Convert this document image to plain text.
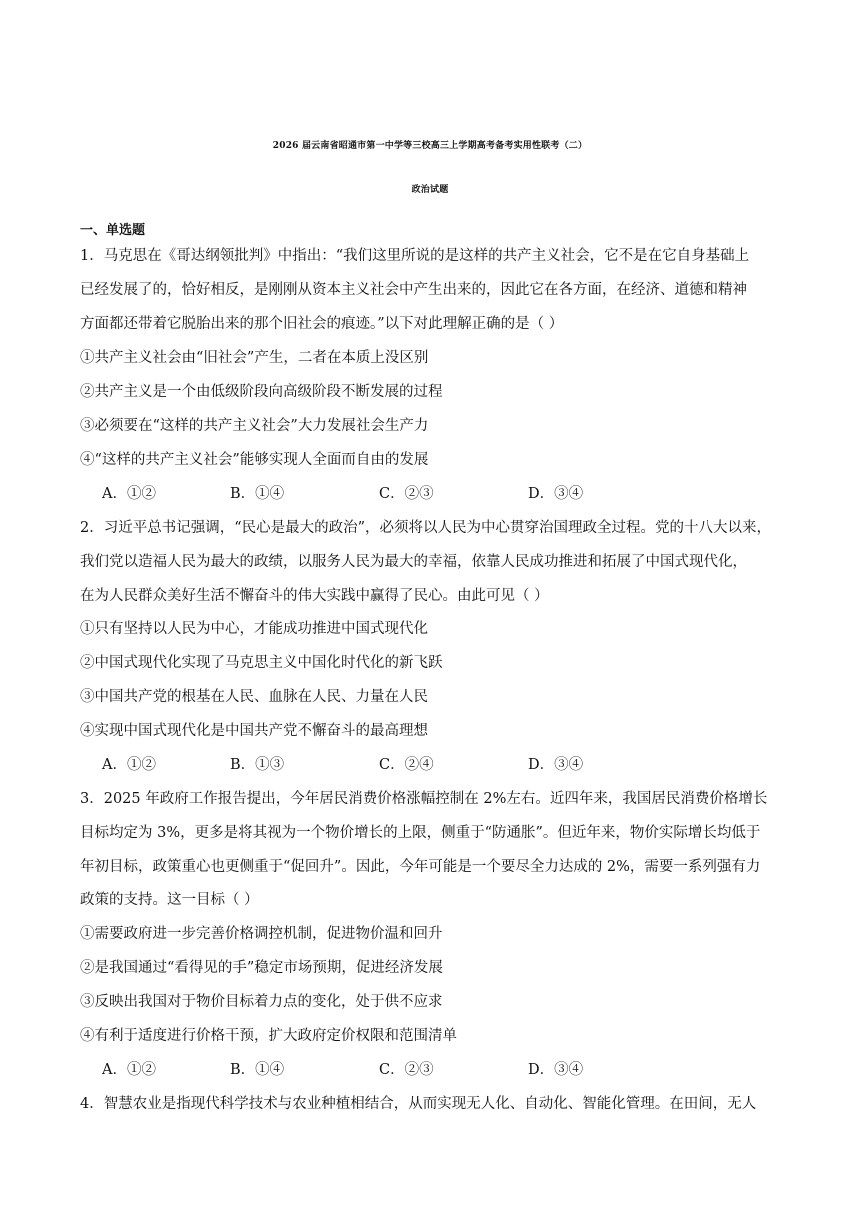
2026 届云南省昭通市第一中学等三校高三上学期高考备考实用性联考（二）
政治试题
一、单选题
1．马克思在《哥达纲领批判》中指出：“我们这里所说的是这样的共产主义社会，它不是在它自身基础上
已经发展了的，恰好相反，是刚刚从资本主义社会中产生出来的，因此它在各方面，在经济、道德和精神
方面都还带着它脱胎出来的那个旧社会的痕迹。”以下对此理解正确的是（ ）
①共产主义社会由“旧社会”产生，二者在本质上没区别
②共产主义是一个由低级阶段向高级阶段不断发展的过程
③必须要在“这样的共产主义社会”大力发展社会生产力
④“这样的共产主义社会”能够实现人全面而自由的发展
A．①②	B．①④	C．②③	D．③④
2．习近平总书记强调，“民心是最大的政治”，必须将以人民为中心贯穿治国理政全过程。党的十八大以来，
我们党以造福人民为最大的政绩，以服务人民为最大的幸福，依靠人民成功推进和拓展了中国式现代化，
在为人民群众美好生活不懈奋斗的伟大实践中赢得了民心。由此可见（ ）
①只有坚持以人民为中心，才能成功推进中国式现代化
②中国式现代化实现了马克思主义中国化时代化的新飞跃
③中国共产党的根基在人民、血脉在人民、力量在人民
④实现中国式现代化是中国共产党不懈奋斗的最高理想
A．①②	B．①③	C．②④	D．③④
3．2025 年政府工作报告提出，今年居民消费价格涨幅控制在 2%左右。近四年来，我国居民消费价格增长
目标均定为 3%，更多是将其视为一个物价增长的上限，侧重于“防通胀”。但近年来，物价实际增长均低于
年初目标，政策重心也更侧重于“促回升”。因此，今年可能是一个要尽全力达成的 2%，需要一系列强有力
政策的支持。这一目标（ ）
①需要政府进一步完善价格调控机制，促进物价温和回升
②是我国通过“看得见的手”稳定市场预期，促进经济发展
③反映出我国对于物价目标着力点的变化，处于供不应求
④有利于适度进行价格干预，扩大政府定价权限和范围清单
A．①②	B．①④	C．②③	D．③④
4．智慧农业是指现代科学技术与农业种植相结合，从而实现无人化、自动化、智能化管理。在田间，无人
